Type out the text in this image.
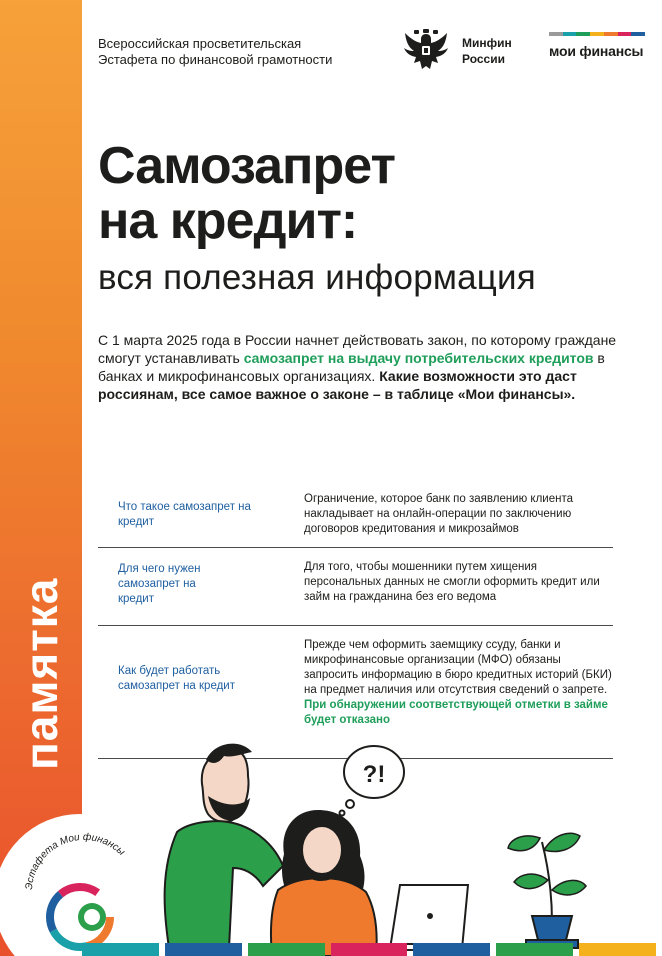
памятка
Всероссийская просветительская
Эстафета по финансовой грамотности
Минфин
России	мои финансы
Самозапрет
на кредит:
вся полезная информация
С 1 марта 2025 года в России начнет действовать закон, по которому граждане смогут устанавливать самозапрет на выдачу потребительских кредитов в банках и микрофинансовых организациях. Какие возможности это даст россиянам, все самое важное о законе – в таблице «Мои финансы».
Что такое самозапрет на кредит
Ограничение, которое банк по заявлению клиента накладывает на онлайн-операции по заключению договоров кредитования и микрозаймов
Для чего нужен самозапрет на кредит
Для того, чтобы мошенники путем хищения персональных данных не смогли оформить кредит или займ на гражданина без его ведома
Как будет работать самозапрет на кредит
Прежде чем оформить заемщику ссуду, банки и микрофинансовые организации (МФО) обязаны запросить информацию в бюро кредитных историй (БКИ) на предмет наличия или отсутствия сведений о запрете. При обнаружении соответствующей отметки в займе будет отказано
?!
Эстафета Мои финансы
